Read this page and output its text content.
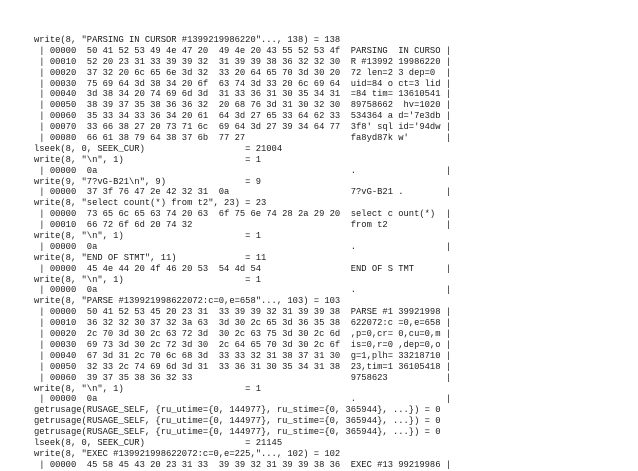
write(8, "PARSING IN CURSOR #1399219986220"..., 138) = 138
| 00000  50 41 52 53 49 4e 47 20  49 4e 20 43 55 52 53 4f  PARSING  IN CURSO |
| 00010  52 20 23 31 33 39 39 32  31 39 39 38 36 32 32 30  R #13992 19986220 |
| 00020  37 32 20 6c 65 6e 3d 32  33 20 64 65 70 3d 30 20  72 len=2 3 dep=0  |
| 00030  75 69 64 3d 38 34 20 6f  63 74 3d 33 20 6c 69 64  uid=84 o ct=3 lid |
| 00040  3d 38 34 20 74 69 6d 3d  31 33 36 31 30 35 34 31  =84 tim= 13610541 |
| 00050  38 39 37 35 38 36 36 32  20 68 76 3d 31 30 32 30  89758662  hv=1020 |
| 00060  35 33 34 33 36 34 20 61  64 3d 27 65 33 64 62 33  534364 a d='7e3db |
| 00070  33 66 38 27 20 73 71 6c  69 64 3d 27 39 34 64 77  3f8' sql id='94dw |
| 00080  66 61 38 79 64 38 37 6b  77 27                    fa8yd87k w'       |
lseek(8, 0, SEEK_CUR)                   = 21004
write(8, "\n", 1)                       = 1
| 00000  0a                                                .                 |
write(9, "7?vG-B21\n", 9)               = 9
| 00000  37 3f 76 47 2e 42 32 31  0a                       7?vG-B21 .        |
write(8, "select count(*) from t2", 23) = 23
| 00000  73 65 6c 65 63 74 20 63  6f 75 6e 74 28 2a 29 20  select c ount(*)  |
| 00010  66 72 6f 6d 20 74 32                              from t2           |
write(8, "\n", 1)                       = 1
| 00000  0a                                                .                 |
write(8, "END OF STMT", 11)             = 11
| 00000  45 4e 44 20 4f 46 20 53  54 4d 54                 END OF S TMT      |
write(8, "\n", 1)                       = 1
| 00000  0a                                                .                 |
write(8, "PARSE #139921998622072:c=0,e=658"..., 103) = 103
| 00000  50 41 52 53 45 20 23 31  33 39 39 32 31 39 39 38  PARSE #1 39921998 |
| 00010  36 32 32 30 37 32 3a 63  3d 30 2c 65 3d 36 35 38  622072:c =0,e=658 |
| 00020  2c 70 3d 30 2c 63 72 3d  30 2c 63 75 3d 30 2c 6d  ,p=0,cr= 0,cu=0,m |
| 00030  69 73 3d 30 2c 72 3d 30  2c 64 65 70 3d 30 2c 6f  is=0,r=0 ,dep=0,o |
| 00040  67 3d 31 2c 70 6c 68 3d  33 33 32 31 38 37 31 30  g=1,plh= 33218710 |
| 00050  32 33 2c 74 69 6d 3d 31  33 36 31 30 35 34 31 38  23,tim=1 36105418 |
| 00060  39 37 35 38 36 32 33                              9758623           |
write(8, "\n", 1)                       = 1
| 00000  0a                                                .                 |
getrusage(RUSAGE_SELF, {ru_utime={0, 144977}, ru_stime={0, 365944}, ...}) = 0
getrusage(RUSAGE_SELF, {ru_utime={0, 144977}, ru_stime={0, 365944}, ...}) = 0
getrusage(RUSAGE_SELF, {ru_utime={0, 144977}, ru_stime={0, 365944}, ...}) = 0
lseek(8, 0, SEEK_CUR)                   = 21145
write(8, "EXEC #139921998622072:c=0,e=225,"..., 102) = 102
| 00000  45 58 45 43 20 23 31 33  39 39 32 31 39 39 38 36  EXEC #13 99219986 |
